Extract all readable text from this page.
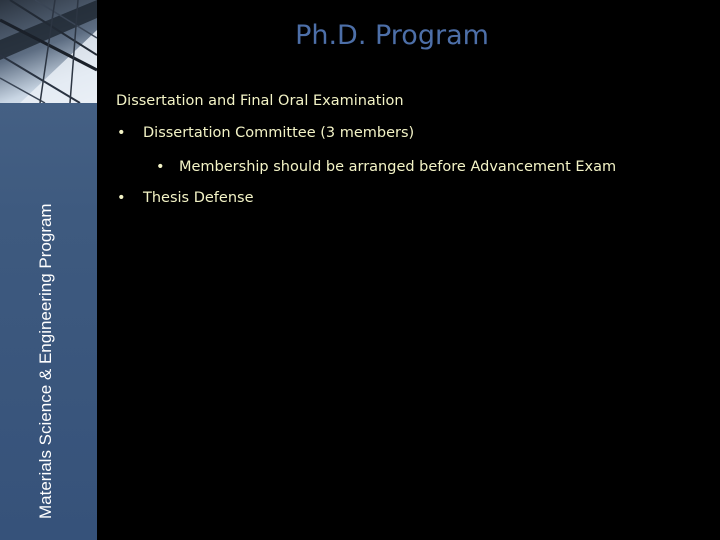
Materials Science & Engineering Program
Ph.D. Program
Dissertation and Final Oral Examination
• Dissertation Committee (3 members)
• Membership should be arranged before Advancement Exam
• Thesis Defense
